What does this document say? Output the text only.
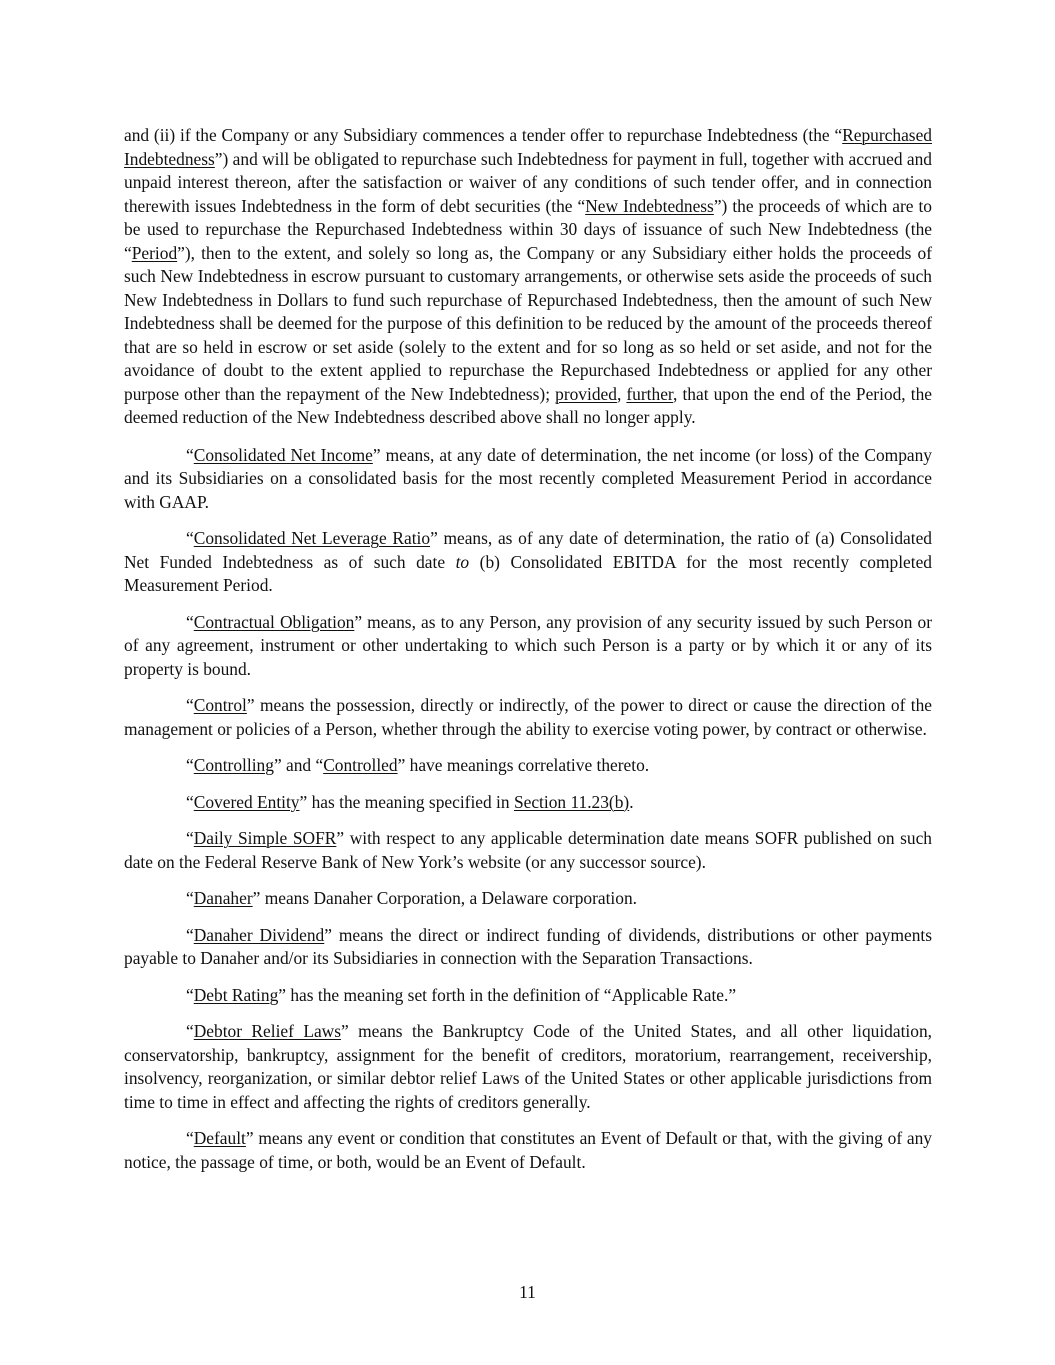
and (ii) if the Company or any Subsidiary commences a tender offer to repurchase Indebtedness (the “Repurchased Indebtedness”) and will be obligated to repurchase such Indebtedness for payment in full, together with accrued and unpaid interest thereon, after the satisfaction or waiver of any conditions of such tender offer, and in connection therewith issues Indebtedness in the form of debt securities (the “New Indebtedness”) the proceeds of which are to be used to repurchase the Repurchased Indebtedness within 30 days of issuance of such New Indebtedness (the “Period”), then to the extent, and solely so long as, the Company or any Subsidiary either holds the proceeds of such New Indebtedness in escrow pursuant to customary arrangements, or otherwise sets aside the proceeds of such New Indebtedness in Dollars to fund such repurchase of Repurchased Indebtedness, then the amount of such New Indebtedness shall be deemed for the purpose of this definition to be reduced by the amount of the proceeds thereof that are so held in escrow or set aside (solely to the extent and for so long as so held or set aside, and not for the avoidance of doubt to the extent applied to repurchase the Repurchased Indebtedness or applied for any other purpose other than the repayment of the New Indebtedness); provided, further, that upon the end of the Period, the deemed reduction of the New Indebtedness described above shall no longer apply.

“Consolidated Net Income” means, at any date of determination, the net income (or loss) of the Company and its Subsidiaries on a consolidated basis for the most recently completed Measurement Period in accordance with GAAP.

“Consolidated Net Leverage Ratio” means, as of any date of determination, the ratio of (a) Consolidated Net Funded Indebtedness as of such date to (b) Consolidated EBITDA for the most recently completed Measurement Period.

“Contractual Obligation” means, as to any Person, any provision of any security issued by such Person or of any agreement, instrument or other undertaking to which such Person is a party or by which it or any of its property is bound.

“Control” means the possession, directly or indirectly, of the power to direct or cause the direction of the management or policies of a Person, whether through the ability to exercise voting power, by contract or otherwise.

“Controlling” and “Controlled” have meanings correlative thereto.

“Covered Entity” has the meaning specified in Section 11.23(b).

“Daily Simple SOFR” with respect to any applicable determination date means SOFR published on such date on the Federal Reserve Bank of New York’s website (or any successor source).

“Danaher” means Danaher Corporation, a Delaware corporation.

“Danaher Dividend” means the direct or indirect funding of dividends, distributions or other payments payable to Danaher and/or its Subsidiaries in connection with the Separation Transactions.

“Debt Rating” has the meaning set forth in the definition of “Applicable Rate.”

“Debtor Relief Laws” means the Bankruptcy Code of the United States, and all other liquidation, conservatorship, bankruptcy, assignment for the benefit of creditors, moratorium, rearrangement, receivership, insolvency, reorganization, or similar debtor relief Laws of the United States or other applicable jurisdictions from time to time in effect and affecting the rights of creditors generally.

“Default” means any event or condition that constitutes an Event of Default or that, with the giving of any notice, the passage of time, or both, would be an Event of Default.

11
